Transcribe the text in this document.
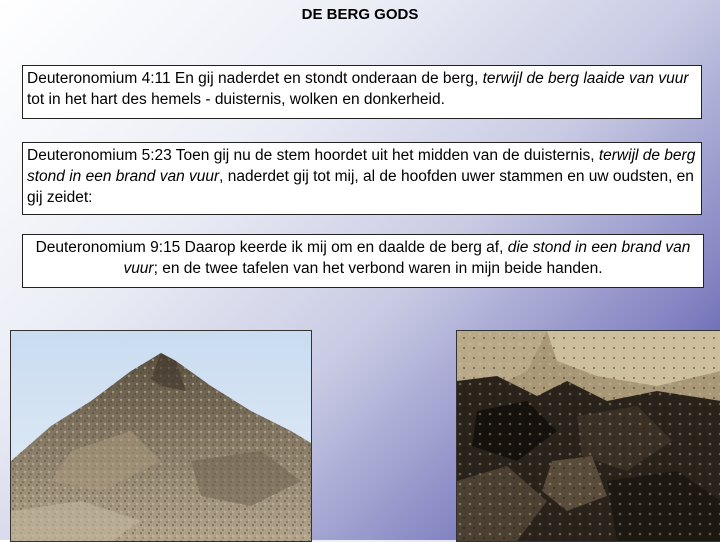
DE BERG GODS
Deuteronomium 4:11 En gij naderdet en stondt onderaan de berg, terwijl de berg laaide van vuur tot in het hart des hemels - duisternis, wolken en donkerheid.
Deuteronomium 5:23 Toen gij nu de stem hoordet uit het midden van de duisternis, terwijl de berg stond in een brand van vuur, naderdet gij tot mij, al de hoofden uwer stammen en uw oudsten, en gij zeidet:
Deuteronomium 9:15 Daarop keerde ik mij om en daalde de berg af, die stond in een brand van vuur; en de twee tafelen van het verbond waren in mijn beide handen.
